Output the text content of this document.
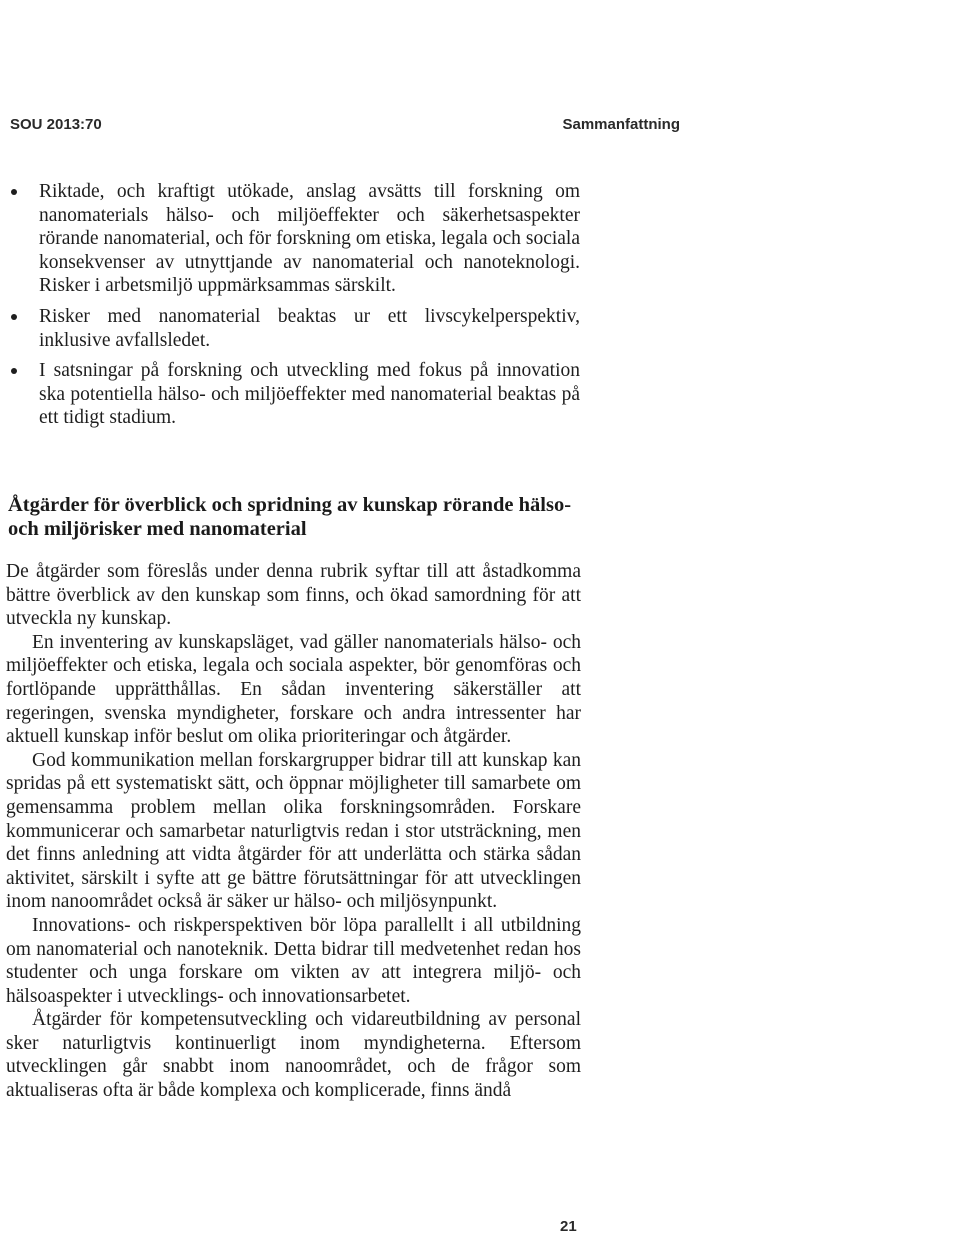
SOU 2013:70	Sammanfattning
Riktade, och kraftigt utökade, anslag avsätts till forskning om nanomaterials hälso- och miljöeffekter och säkerhetsaspekter rörande nanomaterial, och för forskning om etiska, legala och sociala konsekvenser av utnyttjande av nanomaterial och nanoteknologi. Risker i arbetsmiljö uppmärksammas särskilt.
Risker med nanomaterial beaktas ur ett livscykelperspektiv, inklusive avfallsledet.
I satsningar på forskning och utveckling med fokus på innovation ska potentiella hälso- och miljöeffekter med nanomaterial beaktas på ett tidigt stadium.
Åtgärder för överblick och spridning av kunskap rörande hälso- och miljörisker med nanomaterial

De åtgärder som föreslås under denna rubrik syftar till att åstadkomma bättre överblick av den kunskap som finns, och ökad samordning för att utveckla ny kunskap.

En inventering av kunskapsläget, vad gäller nanomaterials hälso- och miljöeffekter och etiska, legala och sociala aspekter, bör genomföras och fortlöpande upprätthållas. En sådan inventering säkerställer att regeringen, svenska myndigheter, forskare och andra intressenter har aktuell kunskap inför beslut om olika prioriteringar och åtgärder.

God kommunikation mellan forskargrupper bidrar till att kunskap kan spridas på ett systematiskt sätt, och öppnar möjligheter till samarbete om gemensamma problem mellan olika forskningsområden. Forskare kommunicerar och samarbetar naturligtvis redan i stor utsträckning, men det finns anledning att vidta åtgärder för att underlätta och stärka sådan aktivitet, särskilt i syfte att ge bättre förutsättningar för att utvecklingen inom nanoområdet också är säker ur hälso- och miljösynpunkt.

Innovations- och riskperspektiven bör löpa parallellt i all utbildning om nanomaterial och nanoteknik. Detta bidrar till medvetenhet redan hos studenter och unga forskare om vikten av att integrera miljö- och hälsoaspekter i utvecklings- och innovationsarbetet.

Åtgärder för kompetensutveckling och vidareutbildning av personal sker naturligtvis kontinuerligt inom myndigheterna. Eftersom utvecklingen går snabbt inom nanoområdet, och de frågor som aktualiseras ofta är både komplexa och komplicerade, finns ändå

21
